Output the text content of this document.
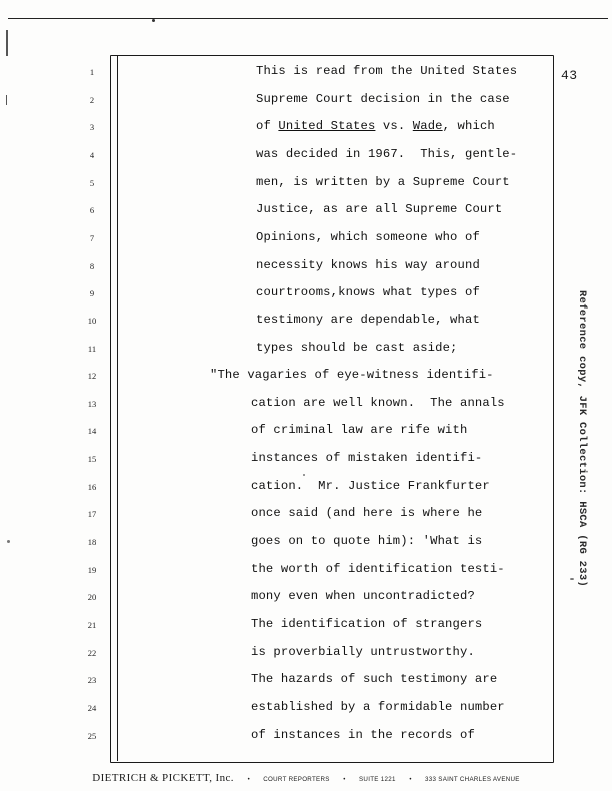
43
1
2
3
4
5
6
7
8
9
10
11
12
13
14
15
16
17
18
19
20
21
22
23
24
25
This is read from the United States
Supreme Court decision in the case
of United States vs. Wade, which
was decided in 1967.  This, gentle-
men, is written by a Supreme Court
Justice, as are all Supreme Court
Opinions, which someone who of
necessity knows his way around
courtrooms,knows what types of
testimony are dependable, what
types should be cast aside;
"The vagaries of eye-witness identifi-
cation are well known.  The annals
of criminal law are rife with
instances of mistaken identifi-
cation.  Mr. Justice Frankfurter
once said (and here is where he
goes on to quote him): 'What is
the worth of identification testi-
mony even when uncontradicted?
The identification of strangers
is proverbially untrustworthy.
The hazards of such testimony are
established by a formidable number
of instances in the records of
Reference copy, JFK Collection: HSCA (RG 233)
DIETRICH & PICKETT, Inc. • COURT REPORTERS • SUITE 1221 • 333 SAINT CHARLES AVENUE
